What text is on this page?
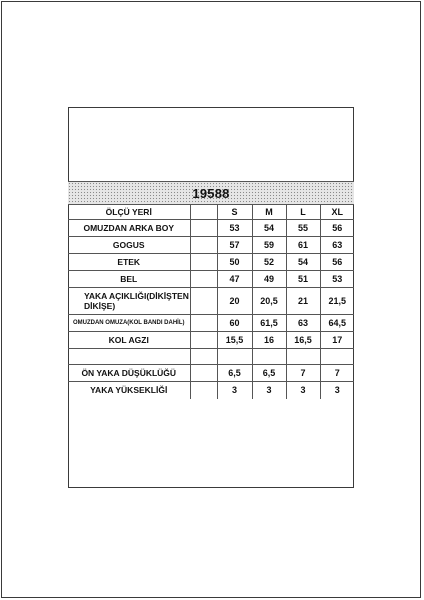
19588
ÖLÇÜ YERİ		S	M	L	XL
OMUZDAN ARKA BOY		53	54	55	56
GOGUS		57	59	61	63
ETEK		50	52	54	56
BEL		47	49	51	53
YAKA AÇIKLIĞI(DİKİŞTEN DİKİŞE)		20	20,5	21	21,5
OMUZDAN OMUZA(KOL BANDI DAHİL)		60	61,5	63	64,5
KOL AGZI		15,5	16	16,5	17

ÖN YAKA DÜŞÜKLÜĞÜ		6,5	6,5	7	7
YAKA YÜKSEKLİĞİ		3	3	3	3
